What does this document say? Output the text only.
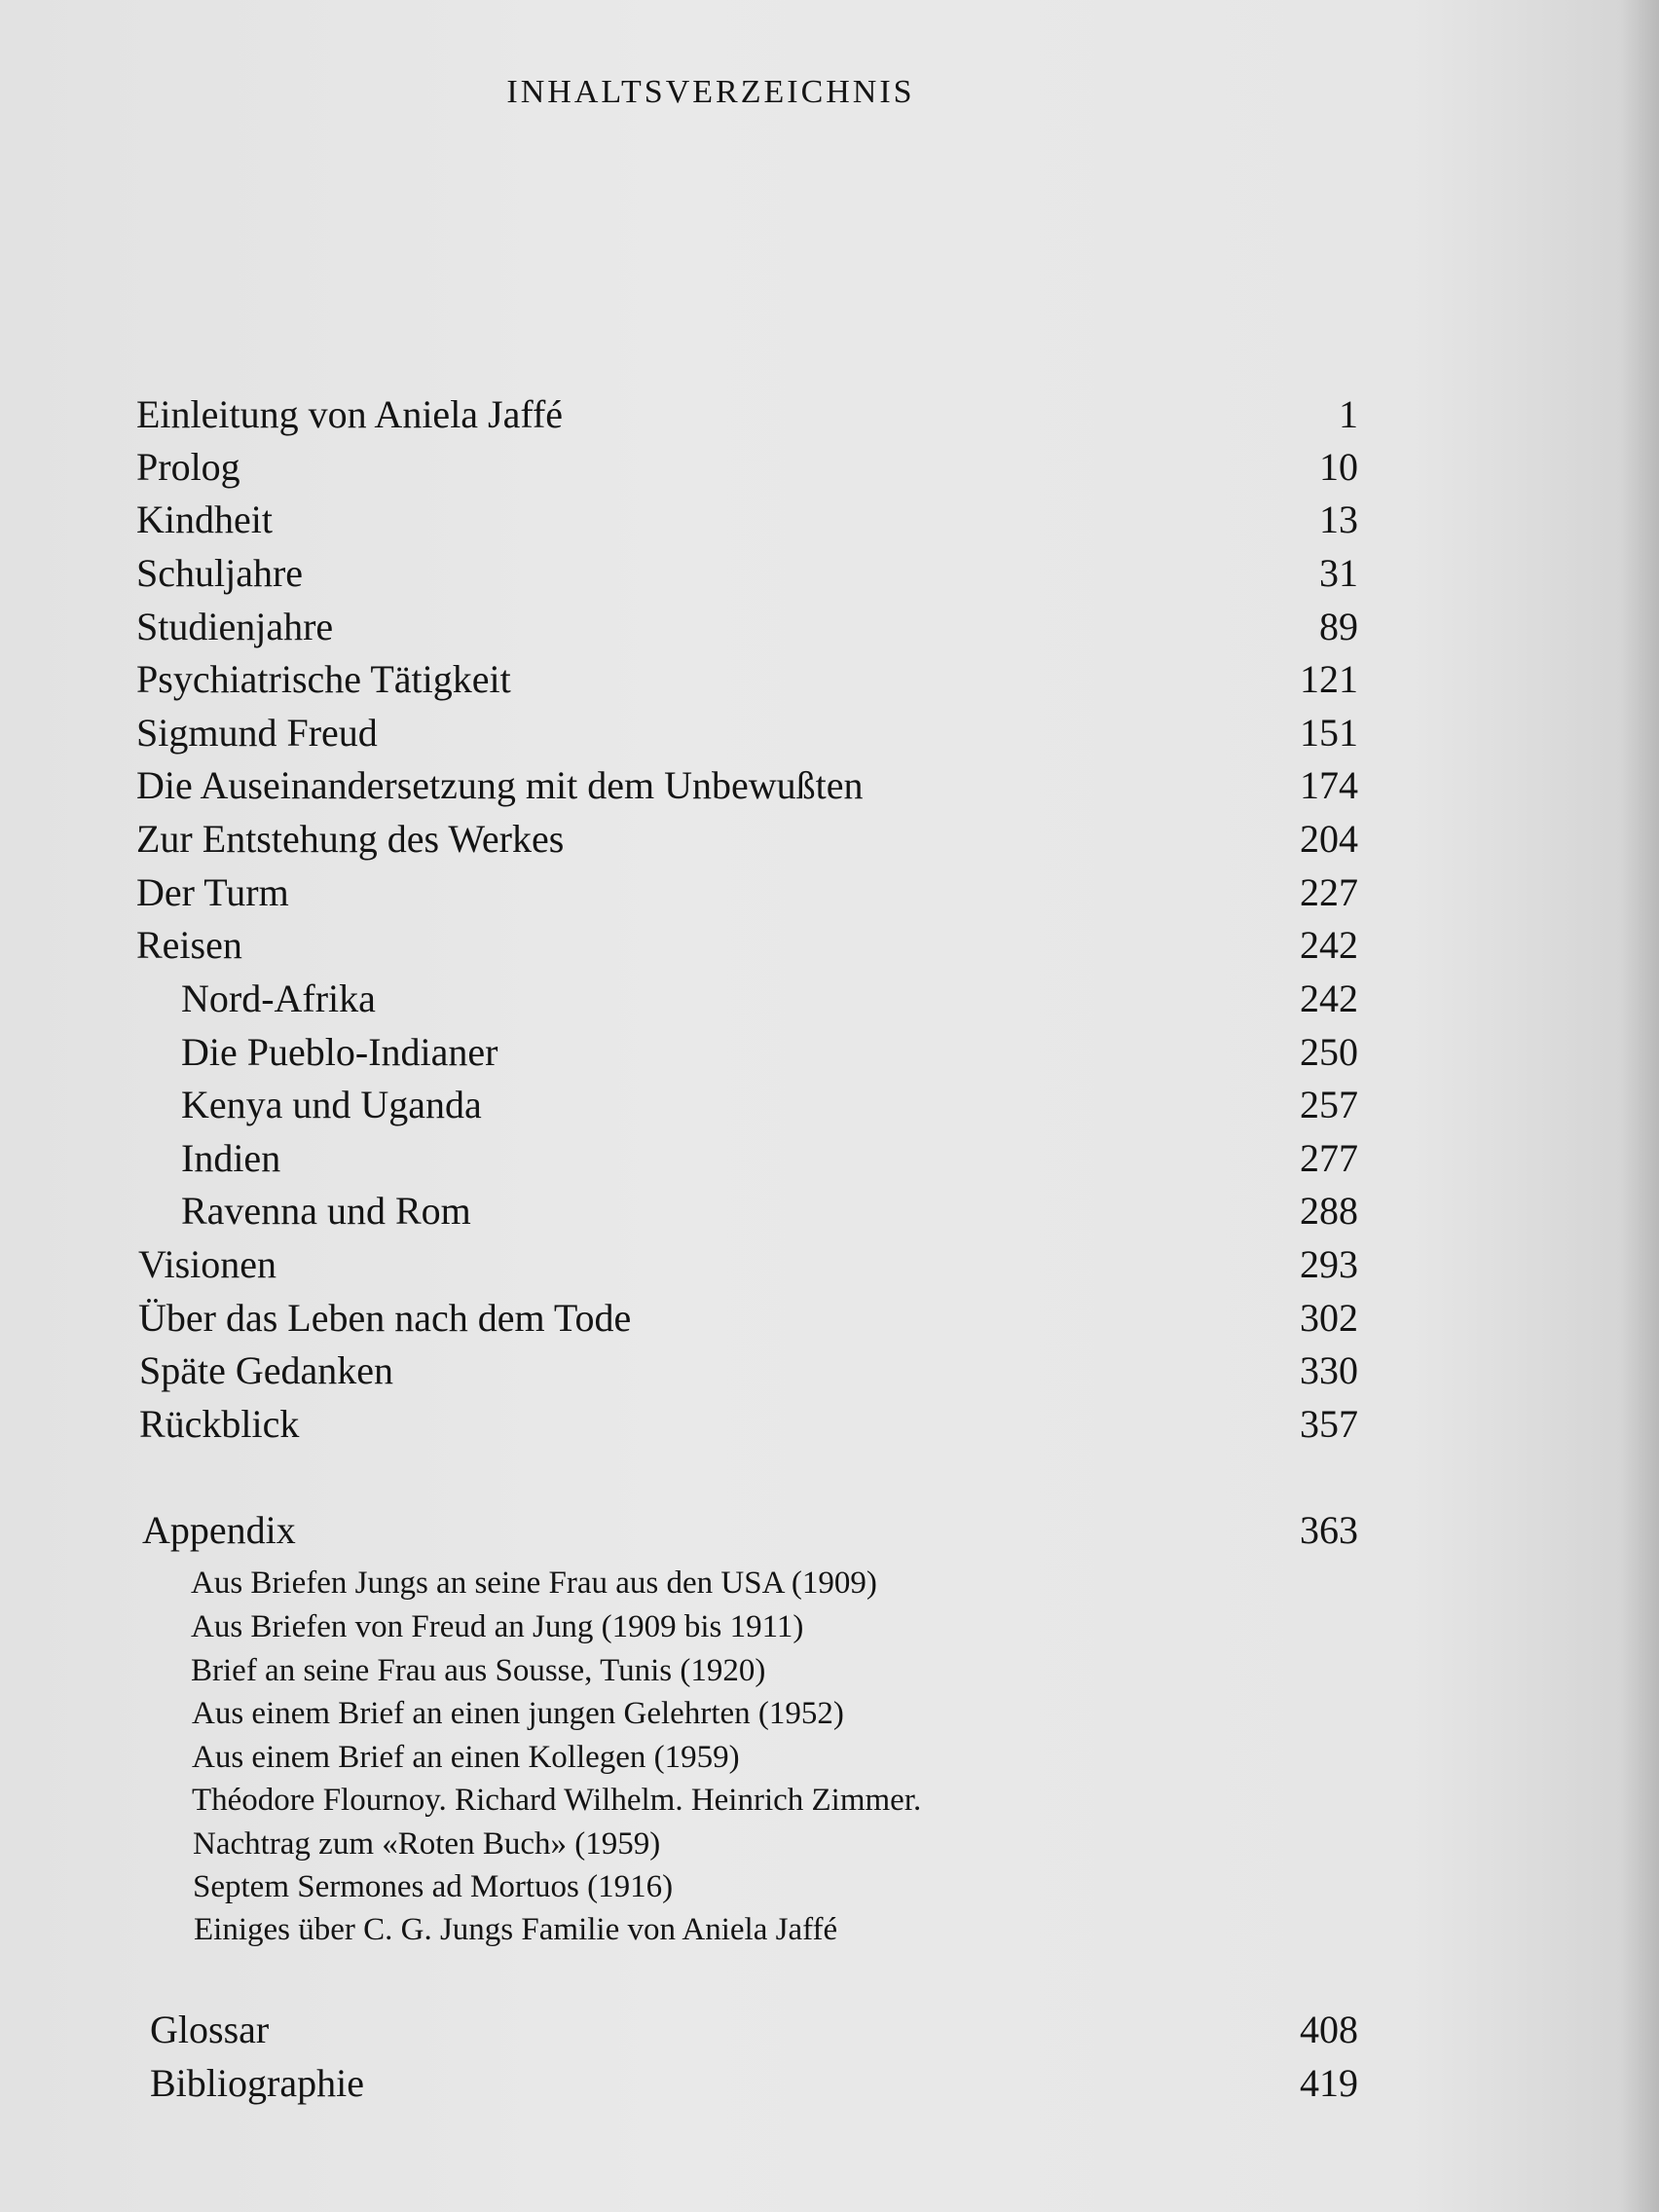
INHALTSVERZEICHNIS
Einleitung von Aniela Jaffé	1
Prolog	10
Kindheit	13
Schuljahre	31
Studienjahre	89
Psychiatrische Tätigkeit	121
Sigmund Freud	151
Die Auseinandersetzung mit dem Unbewußten	174
Zur Entstehung des Werkes	204
Der Turm	227
Reisen	242
Nord-Afrika	242
Die Pueblo-Indianer	250
Kenya und Uganda	257
Indien	277
Ravenna und Rom	288
Visionen	293
Über das Leben nach dem Tode	302
Späte Gedanken	330
Rückblick	357
Appendix	363
Aus Briefen Jungs an seine Frau aus den USA (1909)
Aus Briefen von Freud an Jung (1909 bis 1911)
Brief an seine Frau aus Sousse, Tunis (1920)
Aus einem Brief an einen jungen Gelehrten (1952)
Aus einem Brief an einen Kollegen (1959)
Théodore Flournoy. Richard Wilhelm. Heinrich Zimmer.
Nachtrag zum «Roten Buch» (1959)
Septem Sermones ad Mortuos (1916)
Einiges über C. G. Jungs Familie von Aniela Jaffé
Glossar	408
Bibliographie	419
